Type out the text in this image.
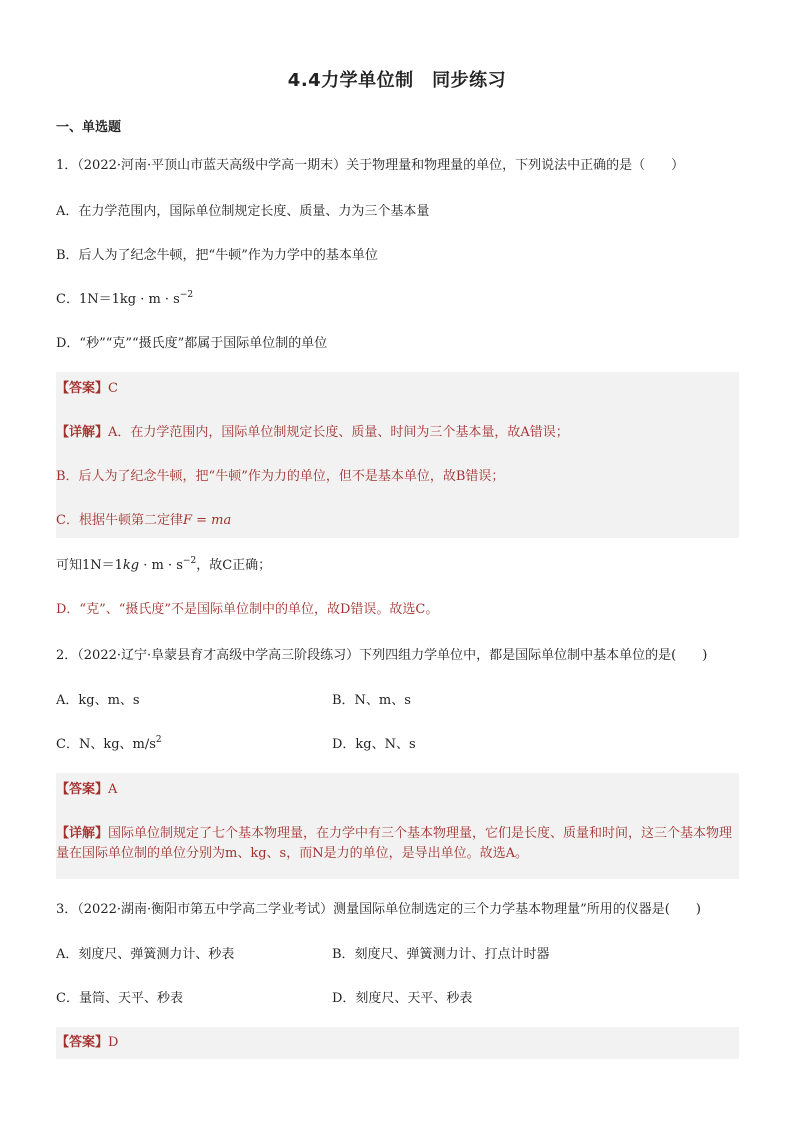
4.4力学单位制　同步练习
一、单选题
1．（2022·河南·平顶山市蓝天高级中学高一期末）关于物理量和物理量的单位，下列说法中正确的是（　　）
A．在力学范围内，国际单位制规定长度、质量、力为三个基本量
B．后人为了纪念牛顿，把“牛顿”作为力学中的基本单位
C．$1N=1kg \cdot m \cdot s^{-2}$
D．“秒”“克”“摄氏度”都属于国际单位制的单位
【答案】C
【详解】A．在力学范围内，国际单位制规定长度、质量、时间为三个基本量，故A错误；
B．后人为了纪念牛顿，把“牛顿”作为力的单位，但不是基本单位，故B错误；
C．根据牛顿第二定律F = ma
可知$1N=1kg \cdot m \cdot s^{-2}$，故C正确；
D．“克”、“摄氏度”不是国际单位制中的单位，故D错误。故选C。
2．（2022·辽宁·阜蒙县育才高级中学高三阶段练习）下列四组力学单位中，都是国际单位制中基本单位的是(　　)
A．kg、m、s	B．N、m、s
C．N、kg、$m/s^2$	D．kg、N、s
【答案】A
【详解】国际单位制规定了七个基本物理量，在力学中有三个基本物理量，它们是长度、质量和时间，这三个基本物理量在国际单位制的单位分别为m、kg、s，而N是力的单位，是导出单位。故选A。
3．（2022·湖南·衡阳市第五中学高二学业考试）测量国际单位制选定的三个力学基本物理量”所用的仪器是(　　)
A．刻度尺、弹簧测力计、秒表	B．刻度尺、弹簧测力计、打点计时器
C．量筒、天平、秒表	D．刻度尺、天平、秒表
【答案】D
